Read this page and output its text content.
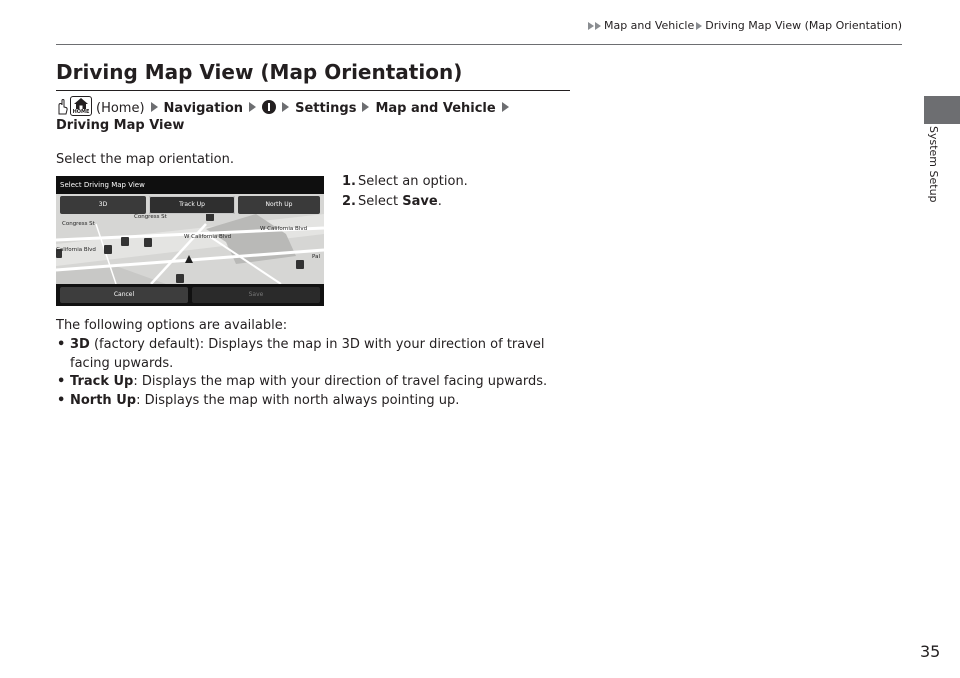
Map and Vehicle Driving Map View (Map Orientation)
System Setup
Driving Map View (Map Orientation)
HOME (Home) Navigation	Settings Map and VehicleDriving Map View
Select the map orientation.
Congress St
Congress St
W California Blvd
W California Blvd
California Blvd
Pal
Select Driving Map View
3D	Track Up	North Up
Cancel	Save
1. Select an option.
2. Select Save.
The following options are available:
• 3D (factory default): Displays the map in 3D with your direction of travel facing upwards.
• Track Up: Displays the map with your direction of travel facing upwards.
• North Up: Displays the map with north always pointing up.
35
